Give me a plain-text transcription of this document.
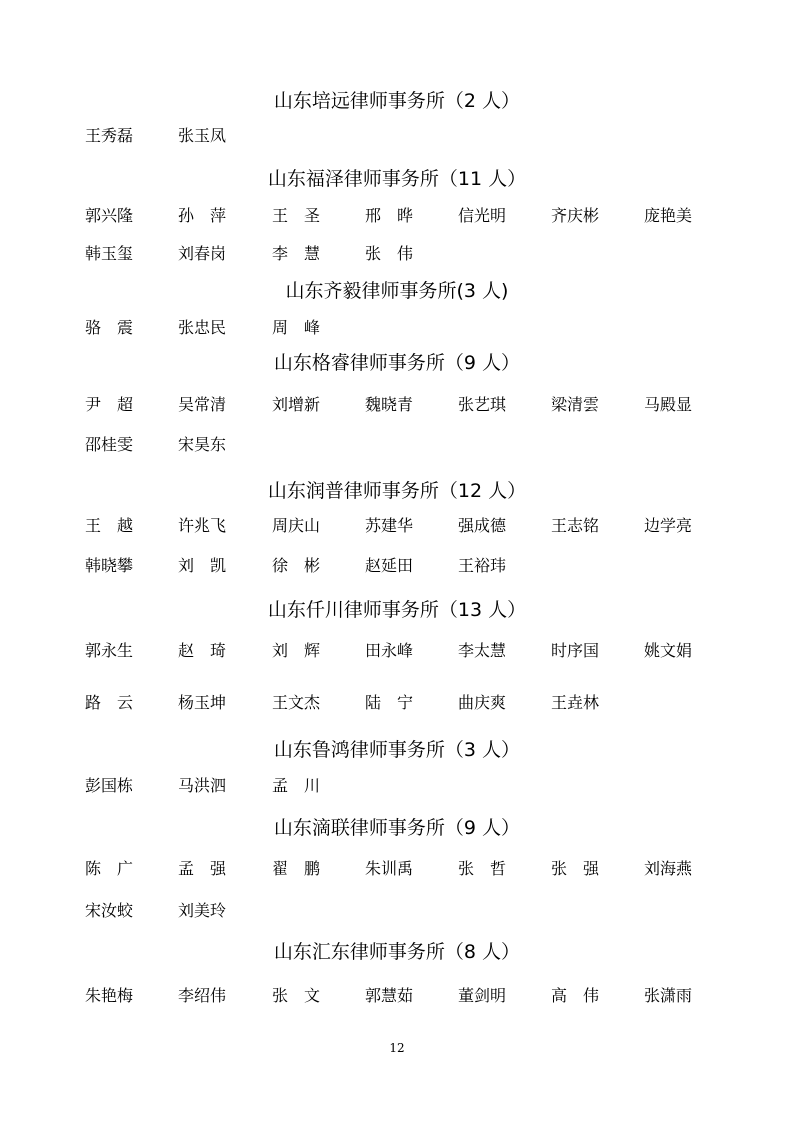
山东培远律师事务所（2 人）
王秀磊	张玉凤
山东福泽律师事务所（11 人）
郭兴隆	孙　萍	王　圣	邢　晔	信光明	齐庆彬	庞艳美
韩玉玺	刘春岗	李　慧	张　伟
山东齐毅律师事务所(3 人)
骆　震	张忠民	周　峰
山东格睿律师事务所（9 人）
尹　超	吴常清	刘增新	魏晓青	张艺琪	梁清雲	马殿显
邵桂雯	宋昊东
山东润普律师事务所（12 人）
王　越	许兆飞	周庆山	苏建华	强成德	王志铭	边学亮
韩晓攀	刘　凯	徐　彬	赵延田	王裕玮
山东仟川律师事务所（13 人）
郭永生	赵　琦	刘　辉	田永峰	李太慧	时序国	姚文娟
路　云	杨玉坤	王文杰	陆　宁	曲庆爽	王垚林
山东鲁鸿律师事务所（3 人）
彭国栋	马洪泗	孟　川
山东滴联律师事务所（9 人）
陈　广	孟　强	翟　鹏	朱训禹	张　哲	张　强	刘海燕
宋汝蛟	刘美玲
山东汇东律师事务所（8 人）
朱艳梅	李绍伟	张　文	郭慧茹	董剑明	高　伟	张潇雨
12
